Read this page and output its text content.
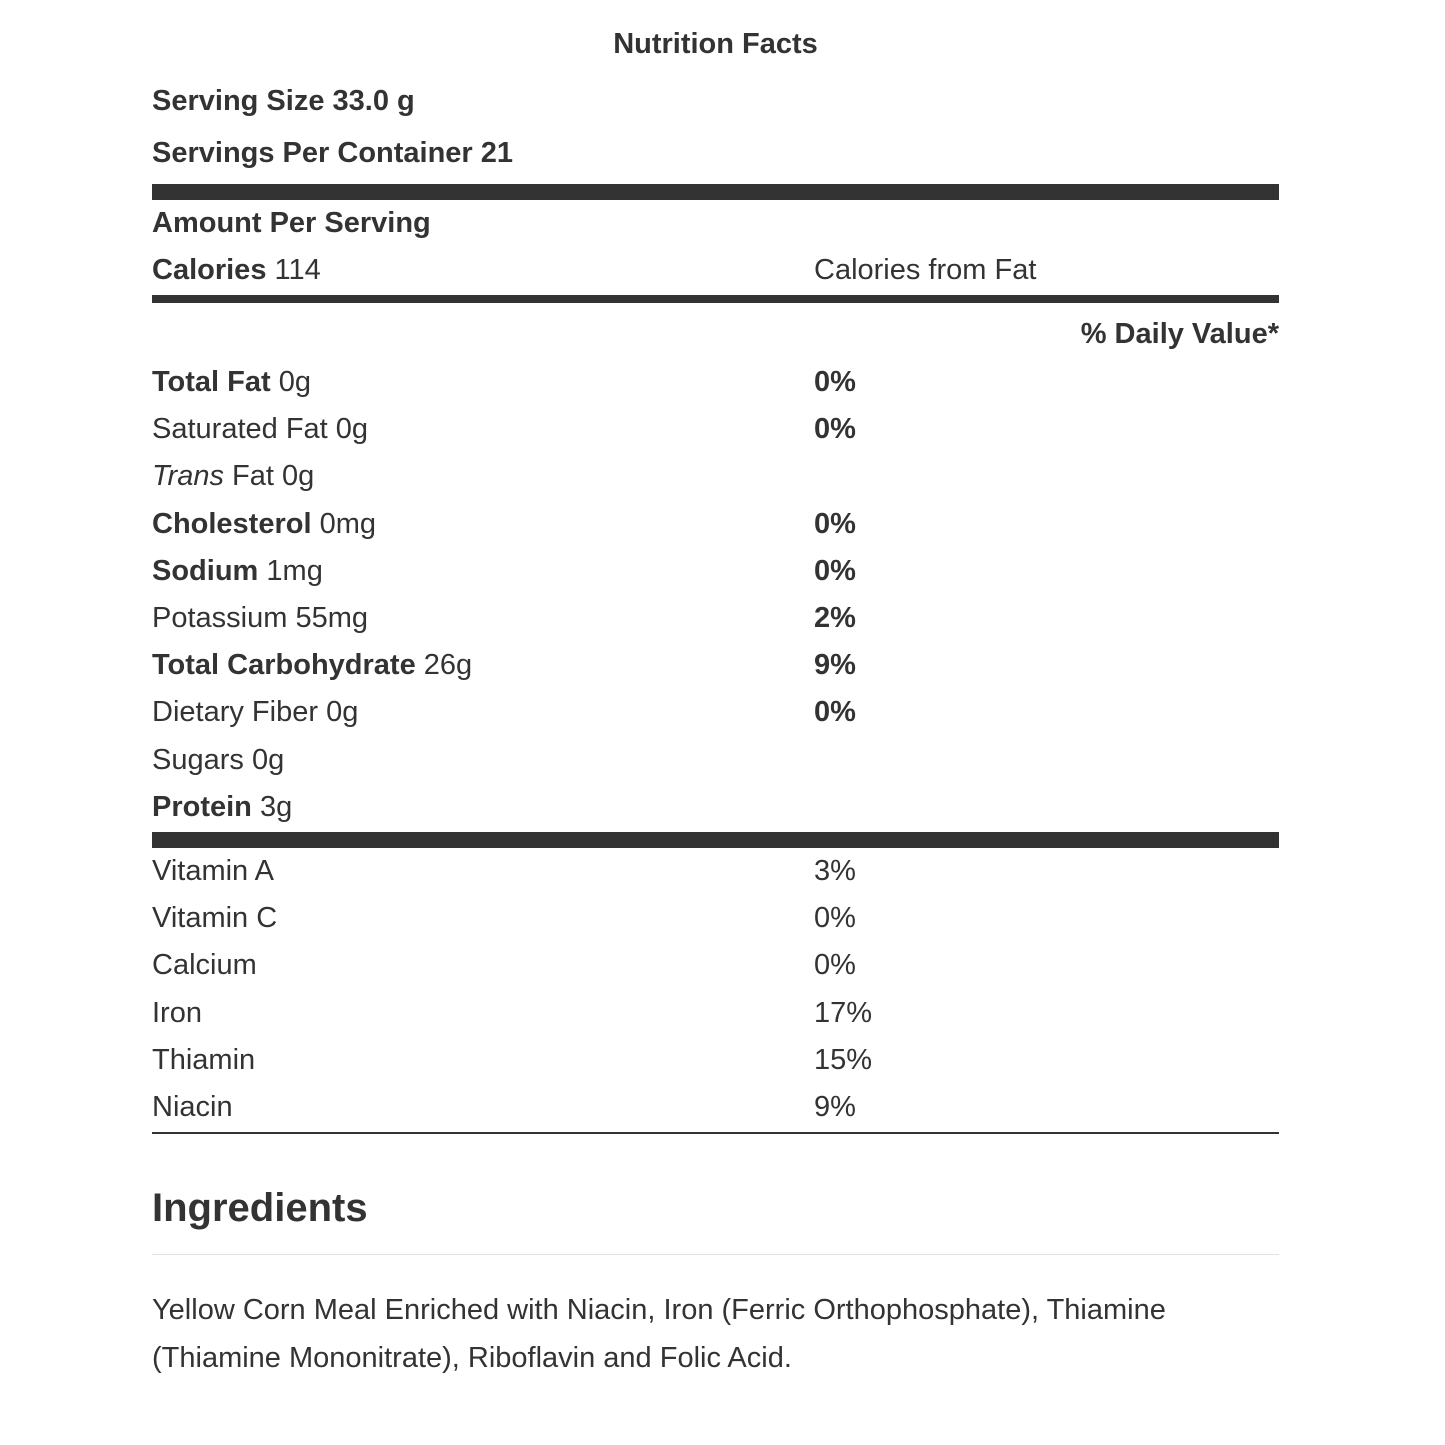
Nutrition Facts
Serving Size 33.0 g
Servings Per Container 21
Amount Per Serving
Calories 114	Calories from Fat
% Daily Value*
Total Fat 0g	0%
Saturated Fat 0g	0%
Trans Fat 0g
Cholesterol 0mg	0%
Sodium 1mg	0%
Potassium 55mg	2%
Total Carbohydrate 26g	9%
Dietary Fiber 0g	0%
Sugars 0g
Protein 3g
Vitamin A	3%
Vitamin C	0%
Calcium	0%
Iron	17%
Thiamin	15%
Niacin	9%
Ingredients
Yellow Corn Meal Enriched with Niacin, Iron (Ferric Orthophosphate), Thiamine (Thiamine Mononitrate), Riboflavin and Folic Acid.
